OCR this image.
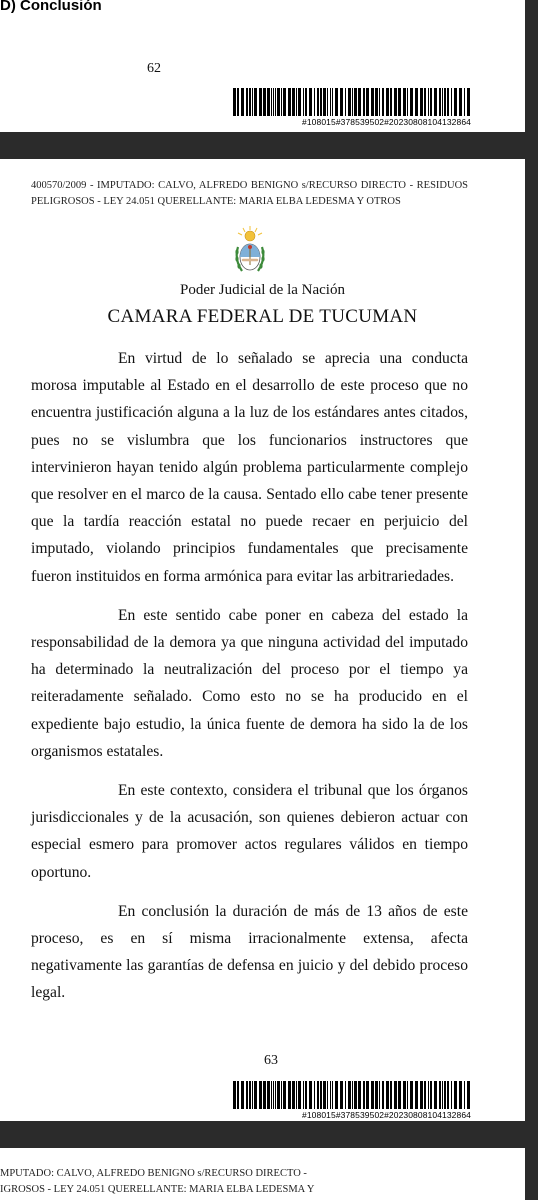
D) Conclusión
62
#108015#378539502#20230808104132864
400570/2009 - IMPUTADO: CALVO, ALFREDO BENIGNO s/RECURSO DIRECTO - RESIDUOS PELIGROSOS - LEY 24.051 QUERELLANTE: MARIA ELBA LEDESMA Y OTROS
Poder Judicial de la Nación
CAMARA FEDERAL DE TUCUMAN

En virtud de lo señalado se aprecia una conducta morosa imputable al Estado en el desarrollo de este proceso que no encuentra justificación alguna a la luz de los estándares antes citados, pues no se vislumbra que los funcionarios instructores que intervinieron hayan tenido algún problema particularmente complejo que resolver en el marco de la causa. Sentado ello cabe tener presente que la tardía reacción estatal no puede recaer en perjuicio del imputado, violando principios fundamentales que precisamente fueron instituidos en forma armónica para evitar las arbitrariedades.

En este sentido cabe poner en cabeza del estado la responsabilidad de la demora ya que ninguna actividad del imputado ha determinado la neutralización del proceso por el tiempo ya reiteradamente señalado. Como esto no se ha producido en el expediente bajo estudio, la única fuente de demora ha sido la de los organismos estatales.

En este contexto, considera el tribunal que los órganos jurisdiccionales y de la acusación, son quienes debieron actuar con especial esmero para promover actos regulares válidos en tiempo oportuno.

En conclusión la duración de más de 13 años de este proceso, es en sí misma irracionalmente extensa, afecta negativamente las garantías de defensa en juicio y del debido proceso legal.

63
#108015#378539502#20230808104132864
MPUTADO: CALVO, ALFREDO BENIGNO s/RECURSO DIRECTO -
IGROSOS - LEY 24.051 QUERELLANTE: MARIA ELBA LEDESMA Y
